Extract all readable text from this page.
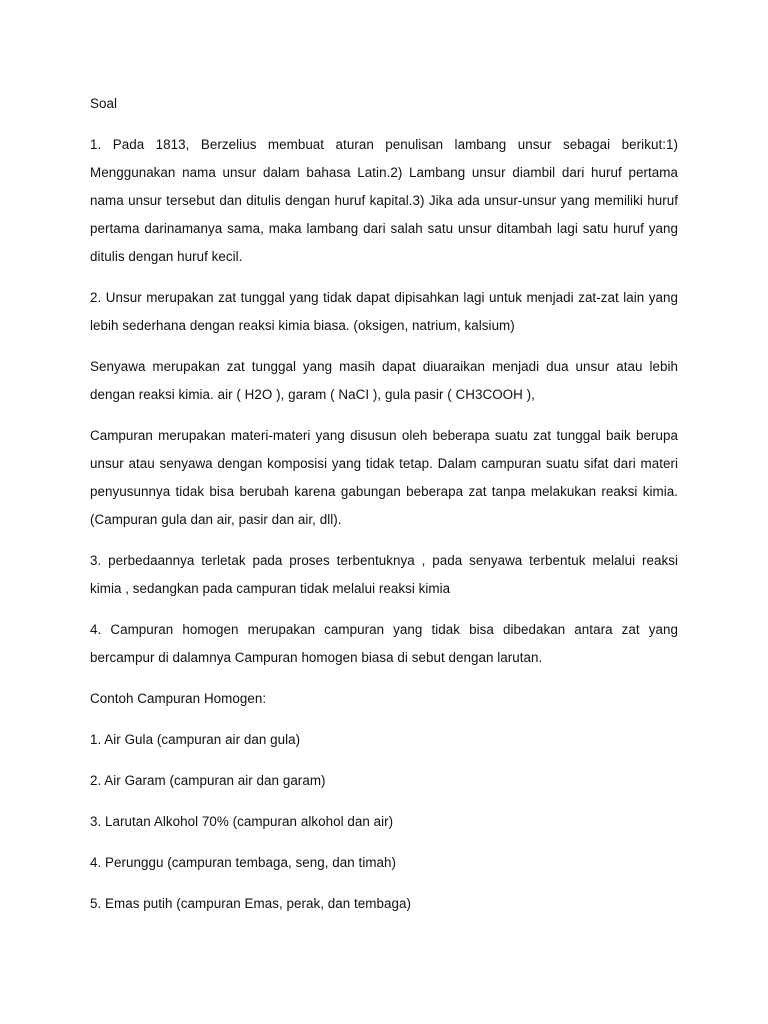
Soal

1. Pada 1813, Berzelius membuat aturan penulisan lambang unsur sebagai berikut:1) Menggunakan nama unsur dalam bahasa Latin.2) Lambang unsur diambil dari huruf pertama nama unsur tersebut dan ditulis dengan huruf kapital.3) Jika ada unsur-unsur yang memiliki huruf pertama darinamanya sama, maka lambang dari salah satu unsur ditambah lagi satu huruf yang ditulis dengan huruf kecil.

2. Unsur merupakan zat tunggal yang tidak dapat dipisahkan lagi untuk menjadi zat-zat lain yang lebih sederhana dengan reaksi kimia biasa. (oksigen, natrium, kalsium)

Senyawa merupakan zat tunggal yang masih dapat diuaraikan menjadi dua unsur atau lebih dengan reaksi kimia. air ( H2O ), garam ( NaCI ), gula pasir ( CH3COOH ),

Campuran merupakan materi-materi yang disusun oleh beberapa suatu zat tunggal baik berupa unsur atau senyawa dengan komposisi yang tidak tetap. Dalam campuran suatu sifat dari materi penyusunnya tidak bisa berubah karena gabungan beberapa zat tanpa melakukan reaksi kimia. (Campuran gula dan air, pasir dan air, dll).

3. perbedaannya terletak pada proses terbentuknya , pada senyawa terbentuk melalui reaksi kimia , sedangkan pada campuran tidak melalui reaksi kimia

4. Campuran homogen merupakan campuran yang tidak bisa dibedakan antara zat yang bercampur di dalamnya Campuran homogen biasa di sebut dengan larutan.

Contoh Campuran Homogen:

1. Air Gula (campuran air dan gula)

2. Air Garam (campuran air dan garam)

3. Larutan Alkohol 70% (campuran alkohol dan air)

4. Perunggu (campuran tembaga, seng, dan timah)

5. Emas putih (campuran Emas, perak, dan tembaga)
